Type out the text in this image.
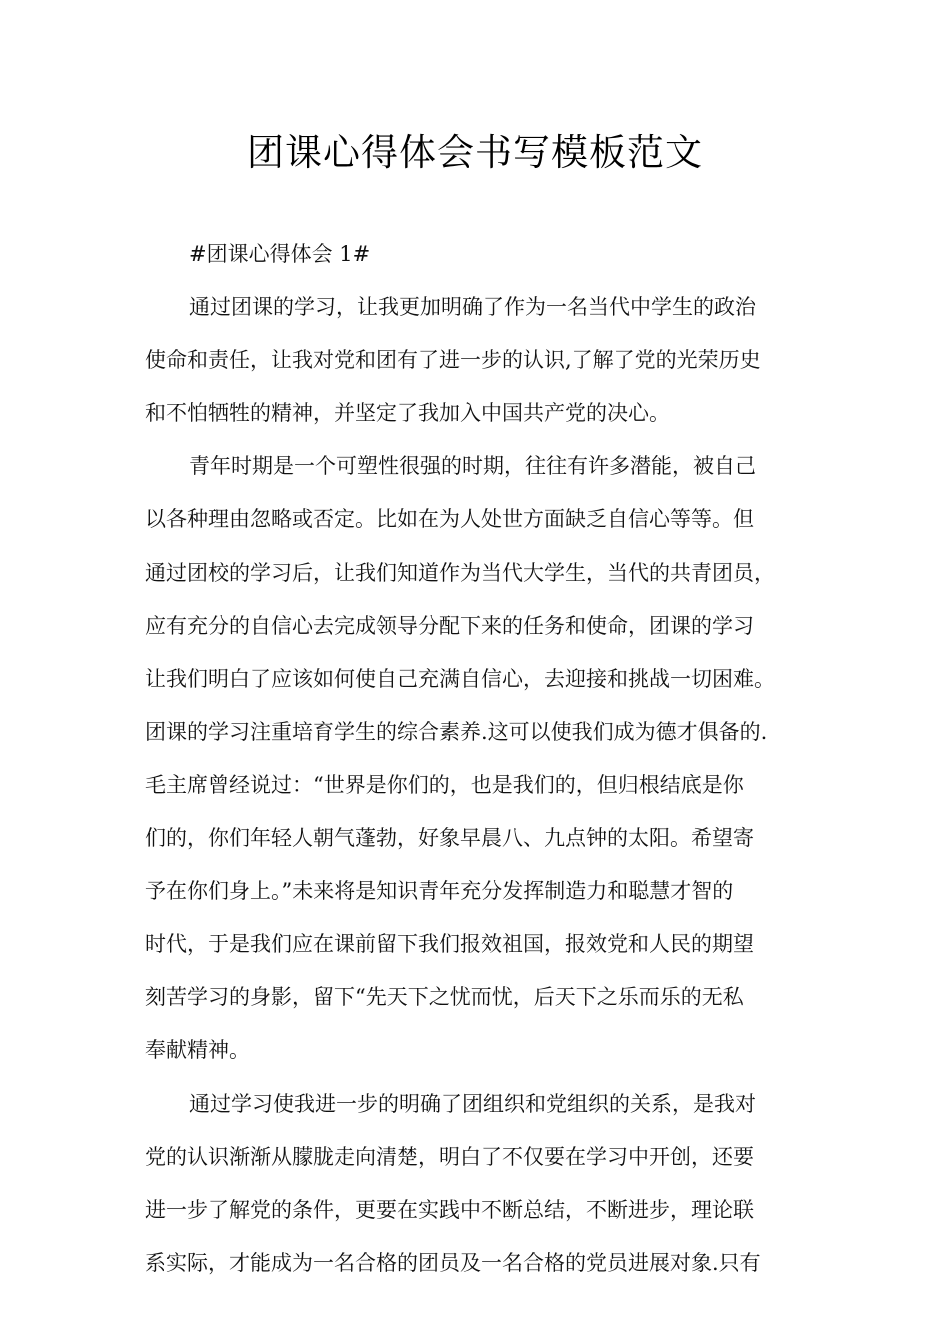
团课心得体会书写模板范文
#团课心得体会 1#
通过团课的学习，让我更加明确了作为一名当代中学生的政治
使命和责任，让我对党和团有了进一步的认识,了解了党的光荣历史
和不怕牺牲的精神，并坚定了我加入中国共产党的决心。
青年时期是一个可塑性很强的时期，往往有许多潜能，被自己
以各种理由忽略或否定。比如在为人处世方面缺乏自信心等等。但
通过团校的学习后，让我们知道作为当代大学生，当代的共青团员，
应有充分的自信心去完成领导分配下来的任务和使命，团课的学习
让我们明白了应该如何使自己充满自信心，去迎接和挑战一切困难。
团课的学习注重培育学生的综合素养.这可以使我们成为德才俱备的.
毛主席曾经说过：“世界是你们的，也是我们的，但归根结底是你
们的，你们年轻人朝气蓬勃，好象早晨八、九点钟的太阳。希望寄
予在你们身上。”未来将是知识青年充分发挥制造力和聪慧才智的
时代，于是我们应在课前留下我们报效祖国，报效党和人民的期望
刻苦学习的身影，留下“先天下之忧而忧，后天下之乐而乐的无私
奉献精神。
通过学习使我进一步的明确了团组织和党组织的关系，是我对
党的认识渐渐从朦胧走向清楚，明白了不仅要在学习中开创，还要
进一步了解党的条件，更要在实践中不断总结，不断进步，理论联
系实际，才能成为一名合格的团员及一名合格的党员进展对象.只有
